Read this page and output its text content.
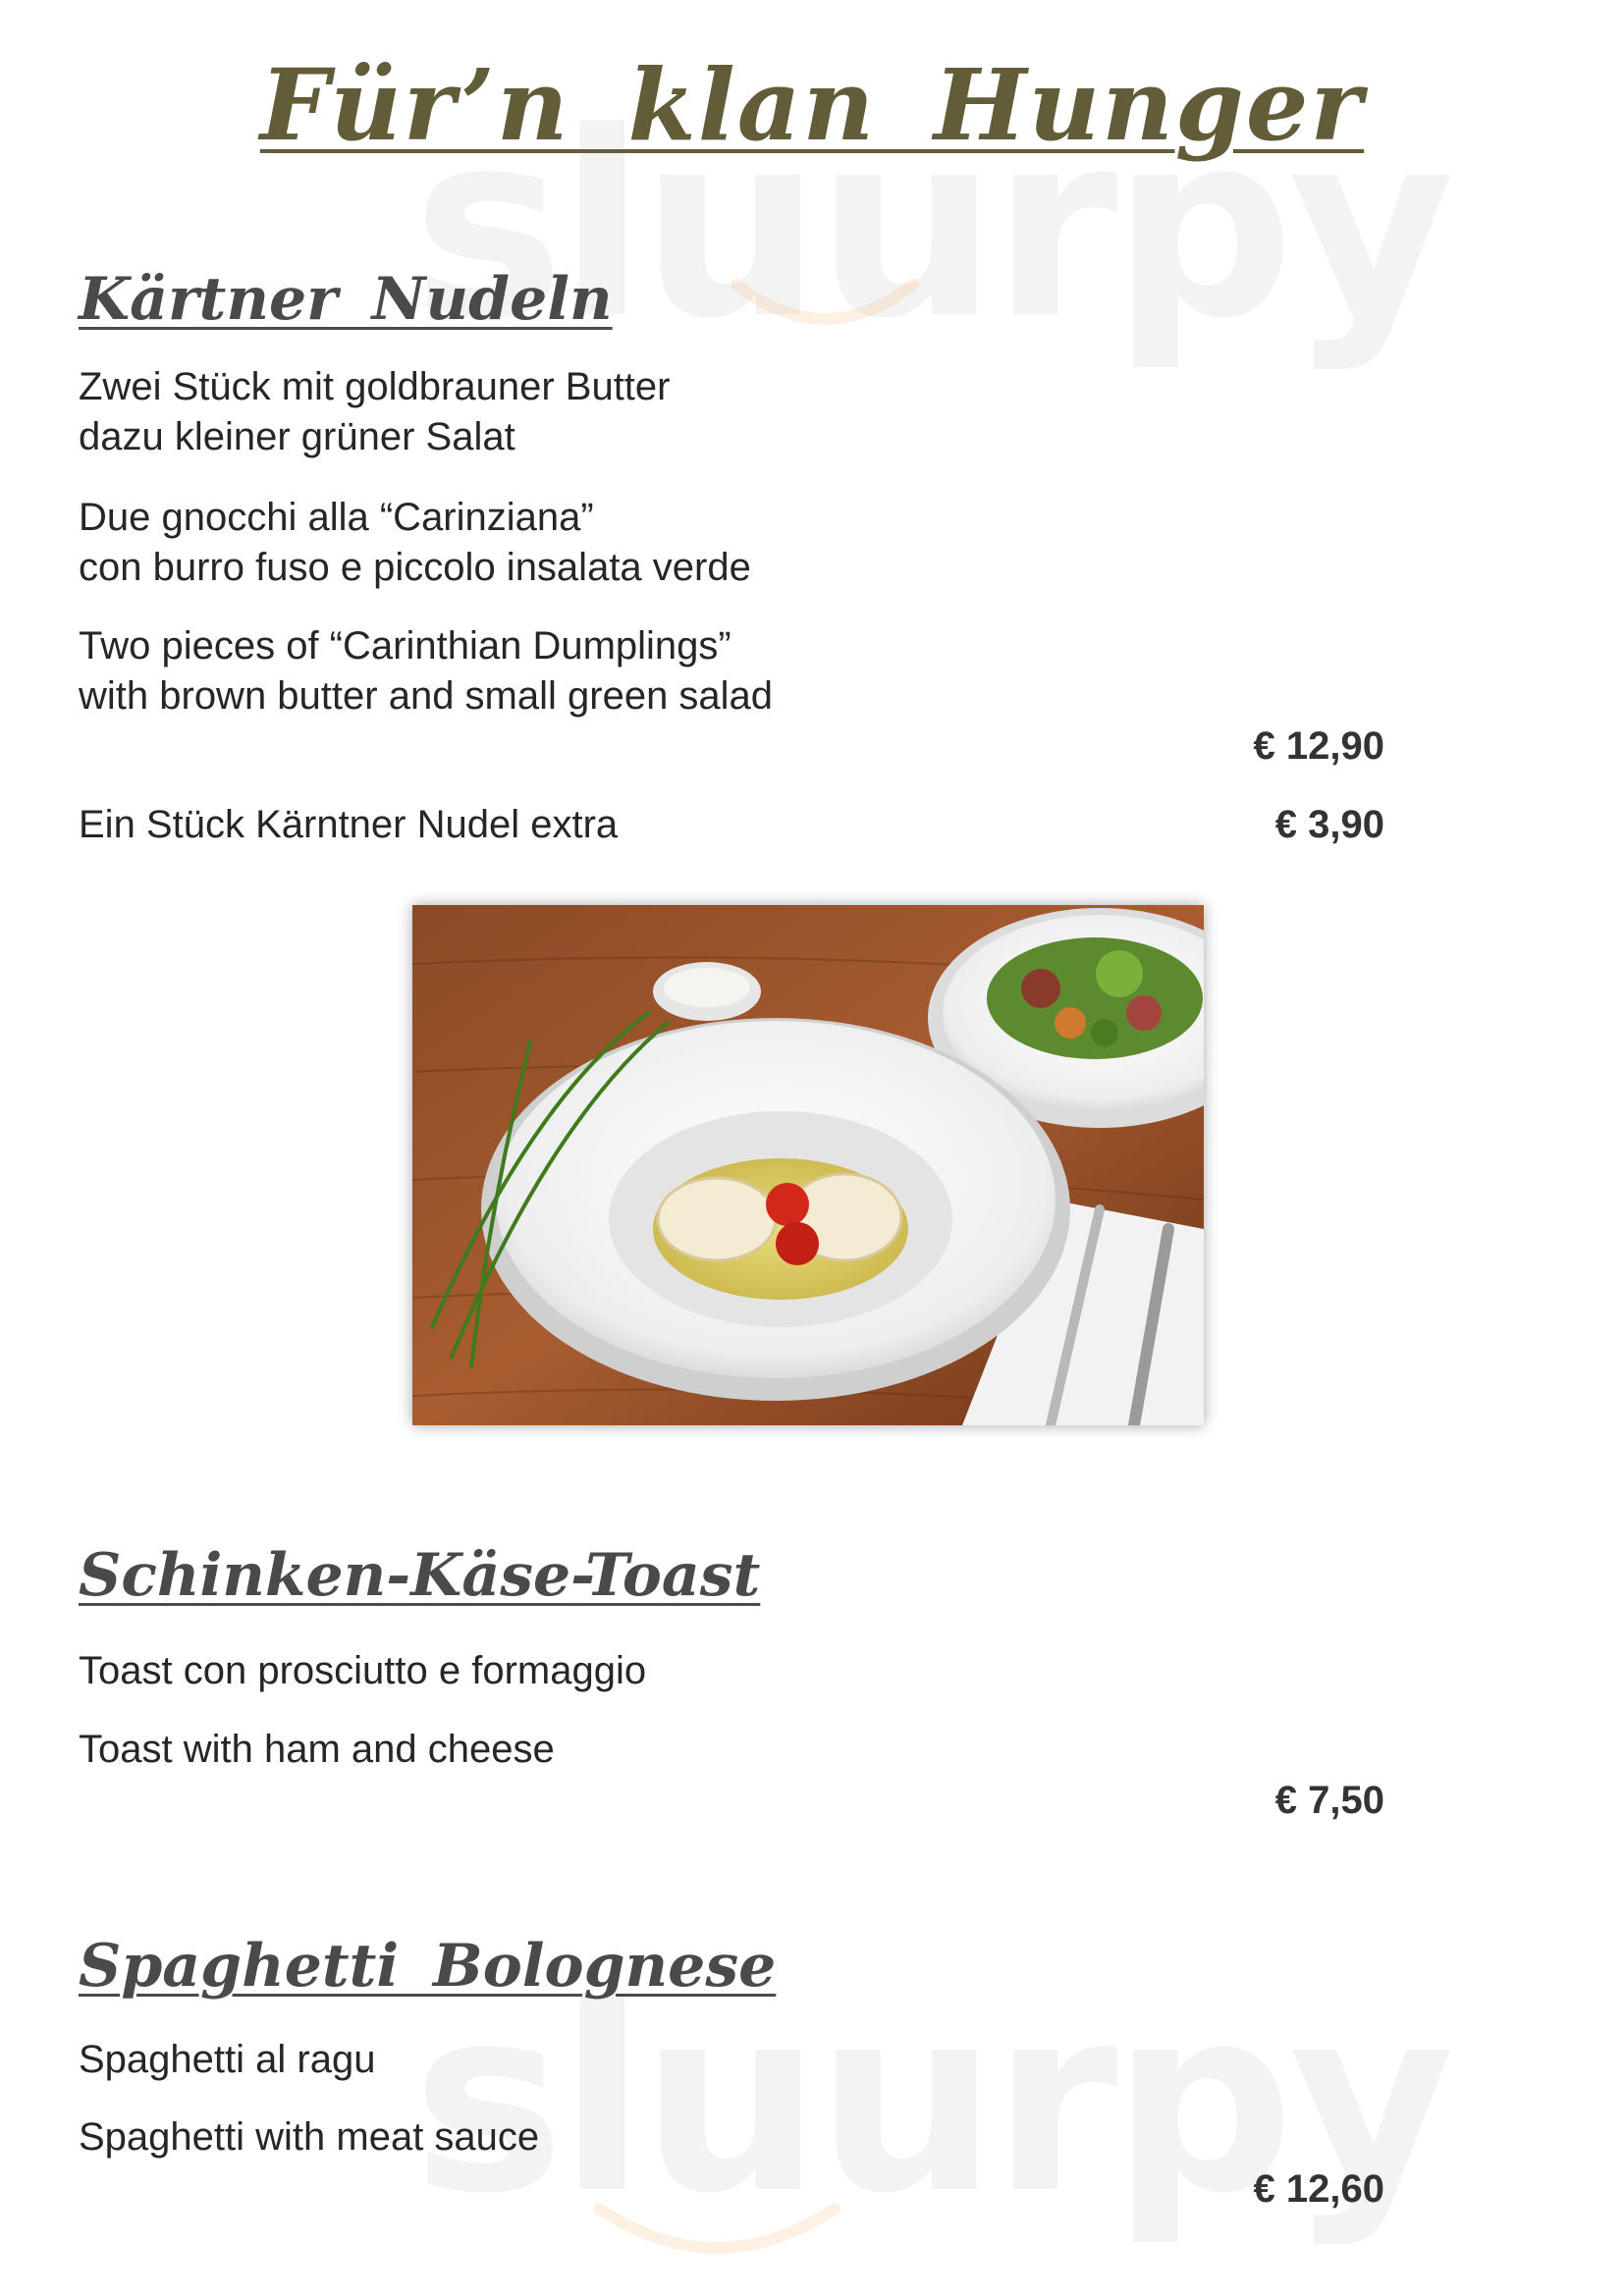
Für’n klan Hunger
Kärtner Nudeln
Zwei Stück mit goldbrauner Butter
dazu kleiner grüner Salat
Due gnocchi alla “Carinziana”
con burro fuso e piccolo insalata verde
Two pieces of “Carinthian Dumplings”
with brown butter and small green salad
€ 12,90
Ein Stück Kärntner Nudel extra	€ 3,90
Schinken-Käse-Toast
Toast con prosciutto e formaggio
Toast with ham and cheese
€ 7,50
Spaghetti Bolognese
Spaghetti al ragu
Spaghetti with meat sauce
€ 12,60
